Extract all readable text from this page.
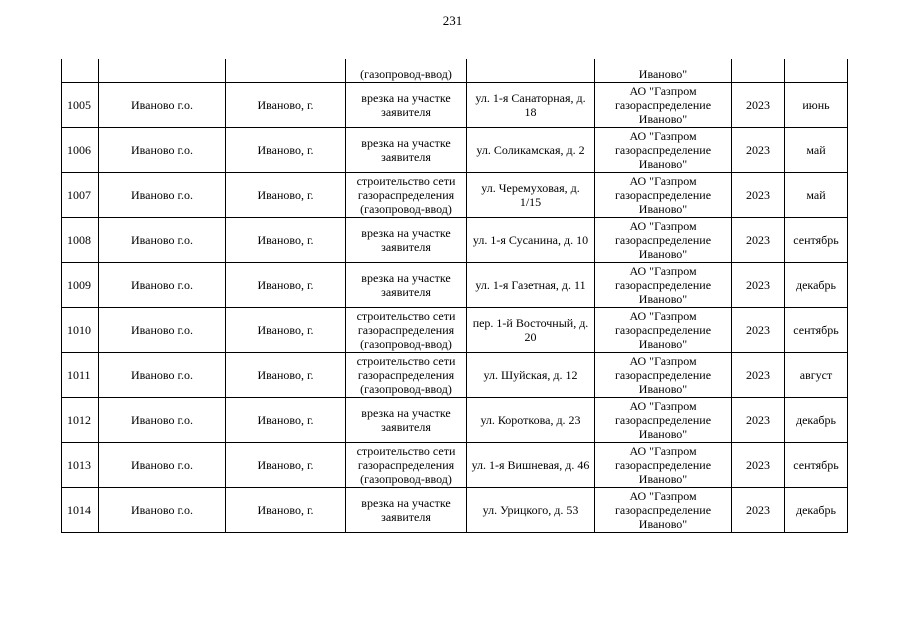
231
			(газопровод-ввод)		Иваново"		
1005	Иваново г.о.	Иваново, г.	врезка на участке заявителя	ул. 1-я Санаторная, д. 18	АО "Газпром газораспределение Иваново"	2023	июнь
1006	Иваново г.о.	Иваново, г.	врезка на участке заявителя	ул. Соликамская, д. 2	АО "Газпром газораспределение Иваново"	2023	май
1007	Иваново г.о.	Иваново, г.	строительство сети газораспределения (газопровод-ввод)	ул. Черемуховая, д. 1/15	АО "Газпром газораспределение Иваново"	2023	май
1008	Иваново г.о.	Иваново, г.	врезка на участке заявителя	ул. 1-я Сусанина, д. 10	АО "Газпром газораспределение Иваново"	2023	сентябрь
1009	Иваново г.о.	Иваново, г.	врезка на участке заявителя	ул. 1-я Газетная, д. 11	АО "Газпром газораспределение Иваново"	2023	декабрь
1010	Иваново г.о.	Иваново, г.	строительство сети газораспределения (газопровод-ввод)	пер. 1-й Восточный, д. 20	АО "Газпром газораспределение Иваново"	2023	сентябрь
1011	Иваново г.о.	Иваново, г.	строительство сети газораспределения (газопровод-ввод)	ул. Шуйская, д. 12	АО "Газпром газораспределение Иваново"	2023	август
1012	Иваново г.о.	Иваново, г.	врезка на участке заявителя	ул. Короткова, д. 23	АО "Газпром газораспределение Иваново"	2023	декабрь
1013	Иваново г.о.	Иваново, г.	строительство сети газораспределения (газопровод-ввод)	ул. 1-я Вишневая, д. 46	АО "Газпром газораспределение Иваново"	2023	сентябрь
1014	Иваново г.о.	Иваново, г.	врезка на участке заявителя	ул. Урицкого, д. 53	АО "Газпром газораспределение Иваново"	2023	декабрь
